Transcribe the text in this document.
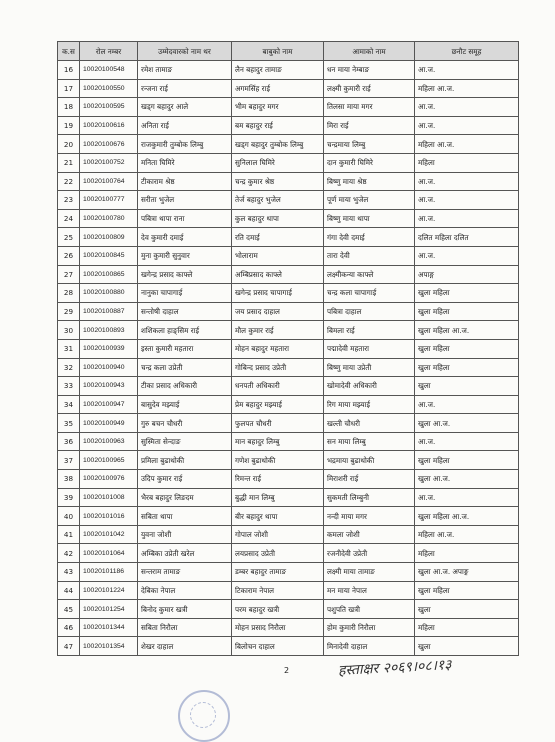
क.स	रोल नम्बर	उम्मेदवारको नाम थर	बाबुको नाम	आमाको नाम	छनौट समूह
16	10020100548	रमेश तामाङ	लैन बहादुर तामाङ	धन माया नेम्बाङ	आ.ज.
17	10020100550	रन्जना राई	अगमसिंह राई	लक्ष्मी कुमारी राई	महिला आ.ज.
18	10020100595	खड्ग बहादुर आले	भीम बहादुर मगर	तिलसा माया मगर	आ.ज.
19	10020100616	अनिता राई	बम बहादुर राई	मिरा राई	आ.ज.
20	10020100676	राजकुमारी तुम्बोक लिम्बु	खड्ग बहादुर तुम्बोक लिम्बु	चन्द्रमाया लिम्बु	महिला आ.ज.
21	10020100752	मनिता घिमिरे	सुनिलाल घिमिरे	दान कुमारी घिमिरे	महिला
22	10020100764	टीकाराम श्रेष्ठ	चन्द्र कुमार श्रेष्ठ	बिष्णु माया श्रेष्ठ	आ.ज.
23	10020100777	सरीता भुजेल	तेर्ज बहादुर भुजेल	पूर्ण माया भुजेल	आ.ज.
24	10020100780	पबित्रा थापा राना	कुल बहादुर थापा	बिष्णु माया थापा	आ.ज.
25	10020100809	देव कुमारी दमाई	रति दमाई	गंगा देवी दमाई	दलित महिला दलित
26	10020100845	मुना कुमारी सुनुवार	भोलाराम	तारा देवी	आ.ज.
27	10020100865	खगेन्द्र प्रसाद काफ्ले	अम्बिप्रसाद काफ्ले	लक्ष्मीकन्या काफ्ले	अपाङ्ग
28	10020100880	नानुका चापागाई	खगेन्द्र प्रसाद चापागाई	चन्द्र कला चापागाई	खुला महिला
29	10020100887	सन्तोषी दाहाल	जय प्रसाद दाहाल	पबित्रा दाहाल	खुला महिला
30	10020100893	शशिकला हाङ्सिम राई	मौल कुमार राई	बिमला राई	खुला महिला आ.ज.
31	10020100939	इस्ता कुमारी महतारा	मोहन बहादुर महतारा	पद्मादेवी महतारा	खुला महिला
32	10020100940	चन्द्र कला उप्रेती	गोबिन्द प्रसाद उप्रेती	बिष्णु माया उप्रेती	खुला महिला
33	10020100943	टीका प्रसाद अधिकारी	धनपती अधिकारी	खोमादेवी अधिकारी	खुला
34	10020100947	बासुदेव मझ्याई	प्रेम बहादुर मझ्याई	रिग माया मझ्याई	आ.ज.
35	10020100949	गुरु बचन चौधरी	फुलपत चौधरी	खल्ती चौधरी	खुला आ.ज.
36	10020100963	सुस्मिता सेन्दाङ	मान बहादुर लिम्बु	सन माया लिम्बु	आ.ज.
37	10020100965	प्रमिला बुढाथोकी	गणेश बुढाथोकी	भद्रमाया बुढाथोकी	खुला महिला
38	10020100976	उदिप कुमार राई	रिमन्त राई	मिराशरी राई	खुला आ.ज.
39	10020101008	भैरब बहादुर लिङदम	बुद्धी मान लिम्बु	सुकमती लिम्बुनी	आ.ज.
40	10020101016	सबिता थापा	बीर बहादुर थापा	नन्दी माया मगर	खुला महिला आ.ज.
41	10020101042	युवना जोशी	गोपाल जोशी	कमला जोशी	महिला आ.ज.
42	10020101064	अम्बिका उप्रेती खरेल	लयप्रसाद उप्रेती	रजनीदेवी उप्रेती	महिला
43	10020101186	सन्तराम तामाङ	डम्बर बहादुर तामाङ	लक्ष्मी माया तामाङ	खुला आ.ज. अपाङ्ग
44	10020101224	देबिका नेपाल	टिकाराम नेपाल	मन माया नेपाल	खुला महिला
45	10020101254	बिनोद कुमार खत्री	परम बहादुर खत्री	पशुपति खत्री	खुला
46	10020101344	सबिता निरौला	मोहन प्रसाद निरौला	होम कुमारी निरौला	महिला
47	10020101354	शेखर दाहाल	बिलोचन दाहाल	मिनादेवी दाहाल	खुला
2	हस्ताक्षर २०६९।०८।१३
